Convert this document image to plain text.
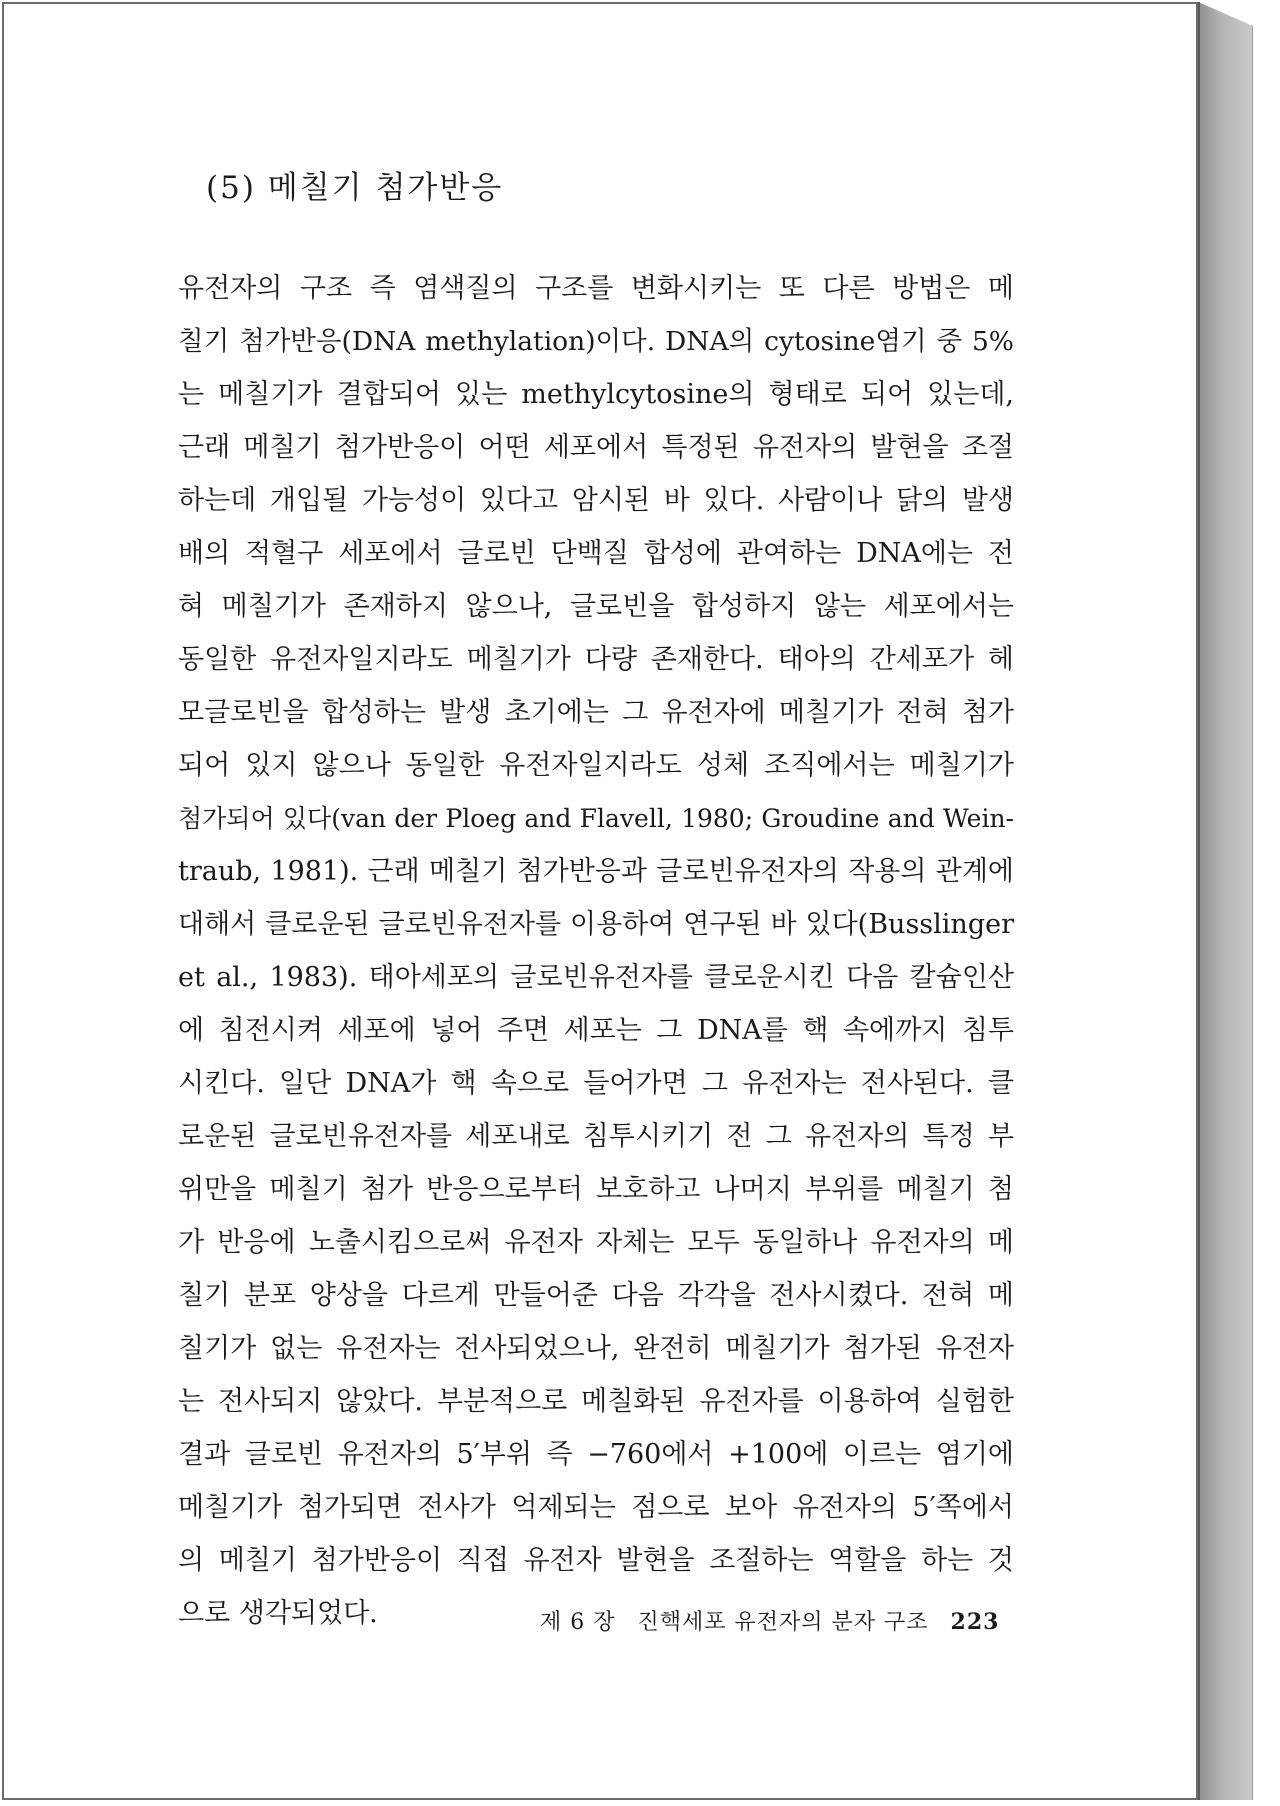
(5) 메칠기 첨가반응
유전자의 구조 즉 염색질의 구조를 변화시키는 또 다른 방법은 메
칠기 첨가반응(DNA methylation)이다. DNA의 cytosine염기 중 5%
는 메칠기가 결합되어 있는 methylcytosine의 형태로 되어 있는데,
근래 메칠기 첨가반응이 어떤 세포에서 특정된 유전자의 발현을 조절
하는데 개입될 가능성이 있다고 암시된 바 있다. 사람이나 닭의 발생
배의 적혈구 세포에서 글로빈 단백질 합성에 관여하는 DNA에는 전
혀 메칠기가 존재하지 않으나, 글로빈을 합성하지 않는 세포에서는
동일한 유전자일지라도 메칠기가 다량 존재한다. 태아의 간세포가 헤
모글로빈을 합성하는 발생 초기에는 그 유전자에 메칠기가 전혀 첨가
되어 있지 않으나 동일한 유전자일지라도 성체 조직에서는 메칠기가
첨가되어 있다(van der Ploeg and Flavell, 1980; Groudine and Wein-
traub, 1981). 근래 메칠기 첨가반응과 글로빈유전자의 작용의 관계에
대해서 클로운된 글로빈유전자를 이용하여 연구된 바 있다(Busslinger
et al., 1983). 태아세포의 글로빈유전자를 클로운시킨 다음 칼슘인산
에 침전시켜 세포에 넣어 주면 세포는 그 DNA를 핵 속에까지 침투
시킨다. 일단 DNA가 핵 속으로 들어가면 그 유전자는 전사된다. 클
로운된 글로빈유전자를 세포내로 침투시키기 전 그 유전자의 특정 부
위만을 메칠기 첨가 반응으로부터 보호하고 나머지 부위를 메칠기 첨
가 반응에 노출시킴으로써 유전자 자체는 모두 동일하나 유전자의 메
칠기 분포 양상을 다르게 만들어준 다음 각각을 전사시켰다. 전혀 메
칠기가 없는 유전자는 전사되었으나, 완전히 메칠기가 첨가된 유전자
는 전사되지 않았다. 부분적으로 메칠화된 유전자를 이용하여 실험한
결과 글로빈 유전자의 5′부위 즉 −760에서 +100에 이르는 염기에
메칠기가 첨가되면 전사가 억제되는 점으로 보아 유전자의 5′쪽에서
의 메칠기 첨가반응이 직접 유전자 발현을 조절하는 역할을 하는 것
으로 생각되었다.	제 6 장 진핵세포 유전자의 분자 구조 223
